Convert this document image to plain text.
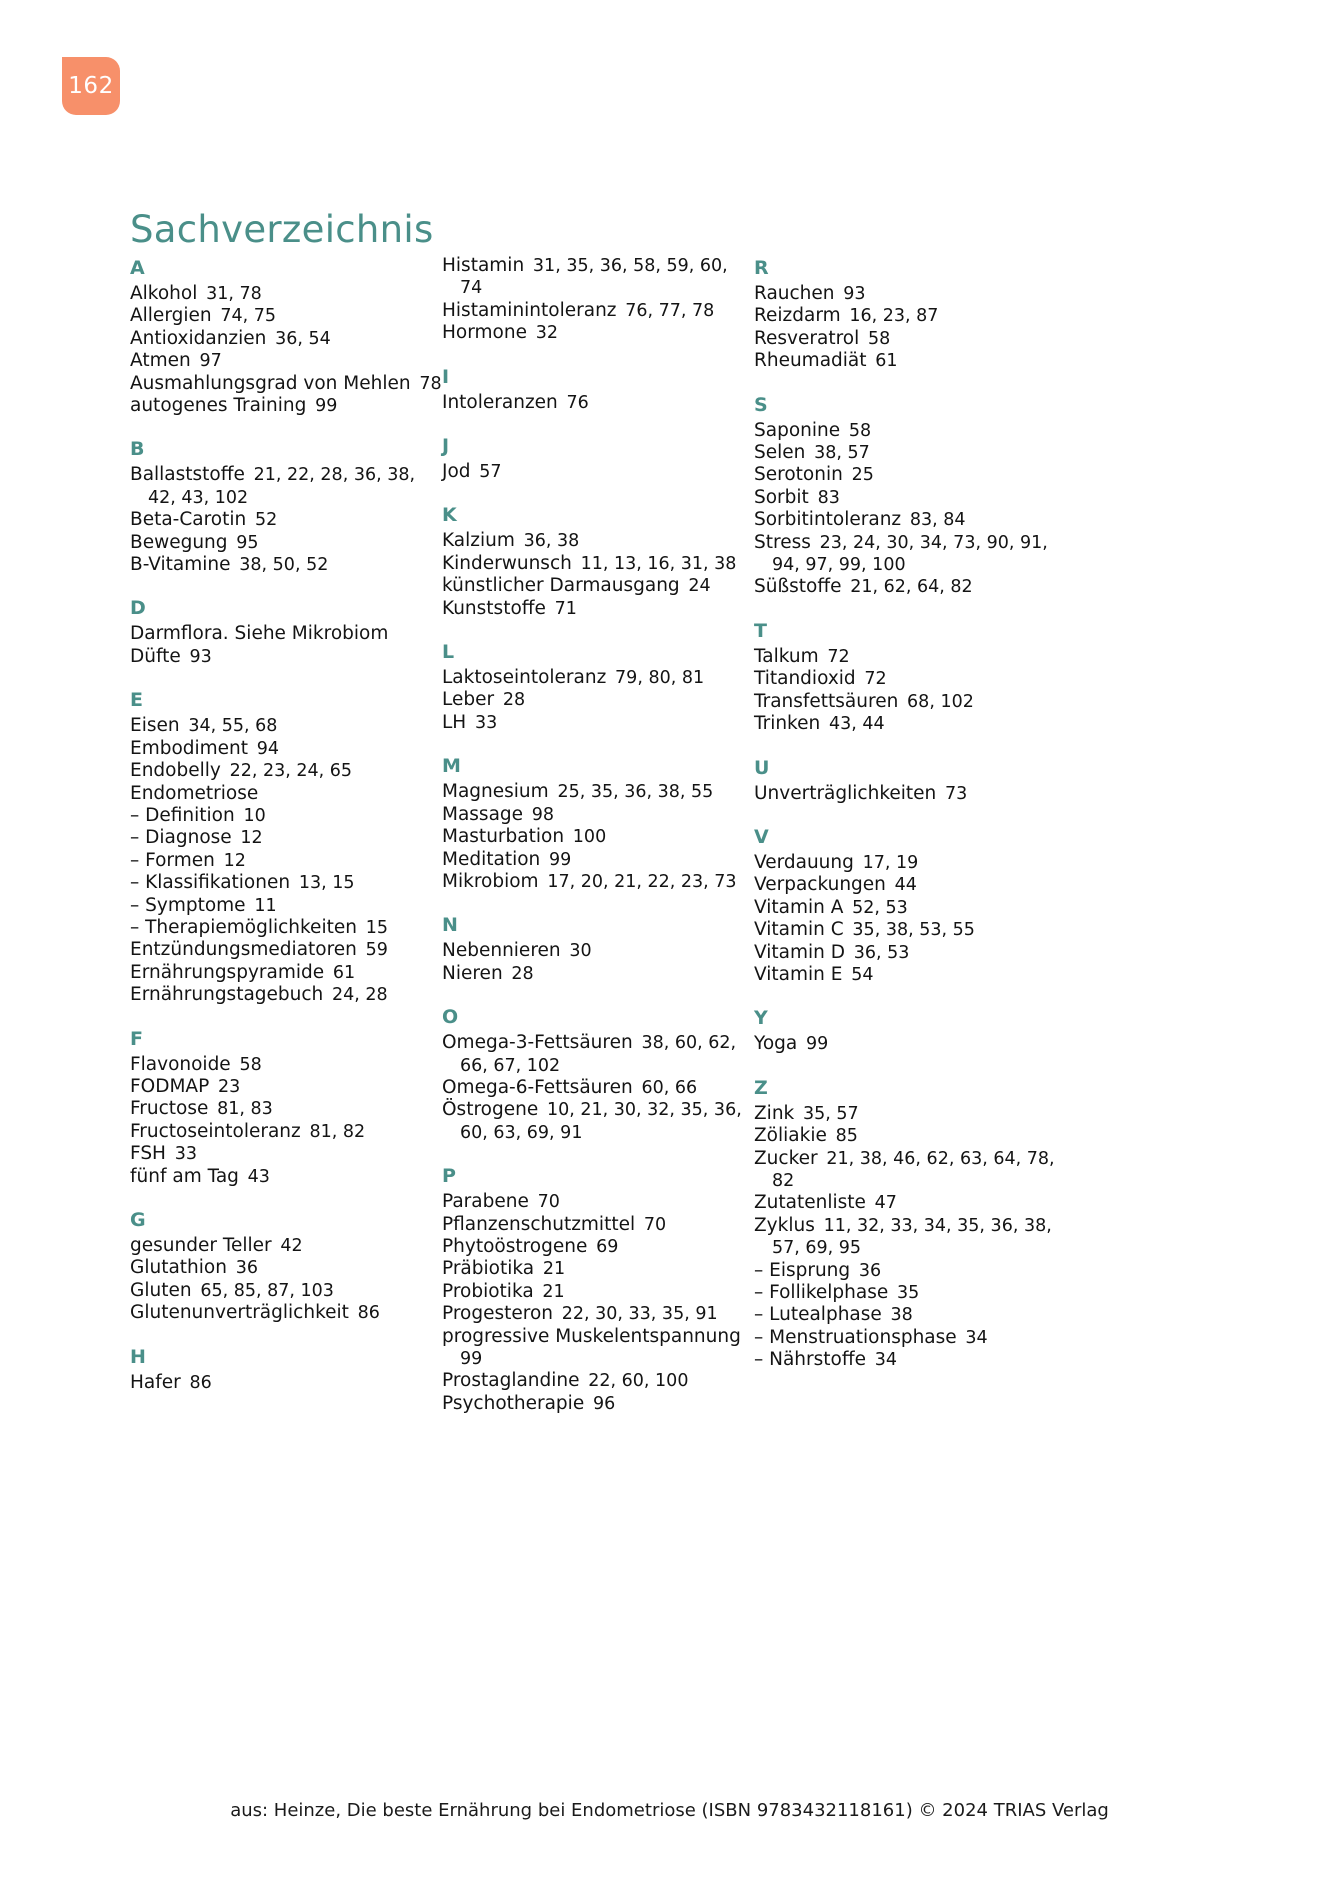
162
Sachverzeichnis
A
Alkohol 31, 78
Allergien 74, 75
Antioxidanzien 36, 54
Atmen 97
Ausmahlungsgrad von Mehlen 78
autogenes Training 99
B
Ballaststoffe 21, 22, 28, 36, 38, 42, 43, 102
Beta-Carotin 52
Bewegung 95
B-Vitamine 38, 50, 52
D
Darmflora. Siehe Mikrobiom
Düfte 93
E
Eisen 34, 55, 68
Embodiment 94
Endobelly 22, 23, 24, 65
Endometriose
– Definition 10
– Diagnose 12
– Formen 12
– Klassifikationen 13, 15
– Symptome 11
– Therapiemöglichkeiten 15
Entzündungsmediatoren 59
Ernährungspyramide 61
Ernährungstagebuch 24, 28
F
Flavonoide 58
FODMAP 23
Fructose 81, 83
Fructoseintoleranz 81, 82
FSH 33
fünf am Tag 43
G
gesunder Teller 42
Glutathion 36
Gluten 65, 85, 87, 103
Glutenunverträglichkeit 86
H
Hafer 86
Histamin 31, 35, 36, 58, 59, 60, 74
Histaminintoleranz 76, 77, 78
Hormone 32
I
Intoleranzen 76
J
Jod 57
K
Kalzium 36, 38
Kinderwunsch 11, 13, 16, 31, 38
künstlicher Darmausgang 24
Kunststoffe 71
L
Laktoseintoleranz 79, 80, 81
Leber 28
LH 33
M
Magnesium 25, 35, 36, 38, 55
Massage 98
Masturbation 100
Meditation 99
Mikrobiom 17, 20, 21, 22, 23, 73
N
Nebennieren 30
Nieren 28
O
Omega-3-Fettsäuren 38, 60, 62, 66, 67, 102
Omega-6-Fettsäuren 60, 66
Östrogene 10, 21, 30, 32, 35, 36, 60, 63, 69, 91
P
Parabene 70
Pflanzenschutzmittel 70
Phytoöstrogene 69
Präbiotika 21
Probiotika 21
Progesteron 22, 30, 33, 35, 91
progressive Muskelentspannung 99
Prostaglandine 22, 60, 100
Psychotherapie 96
R
Rauchen 93
Reizdarm 16, 23, 87
Resveratrol 58
Rheumadiät 61
S
Saponine 58
Selen 38, 57
Serotonin 25
Sorbit 83
Sorbitintoleranz 83, 84
Stress 23, 24, 30, 34, 73, 90, 91, 94, 97, 99, 100
Süßstoffe 21, 62, 64, 82
T
Talkum 72
Titandioxid 72
Transfettsäuren 68, 102
Trinken 43, 44
U
Unverträglichkeiten 73
V
Verdauung 17, 19
Verpackungen 44
Vitamin A 52, 53
Vitamin C 35, 38, 53, 55
Vitamin D 36, 53
Vitamin E 54
Y
Yoga 99
Z
Zink 35, 57
Zöliakie 85
Zucker 21, 38, 46, 62, 63, 64, 78, 82
Zutatenliste 47
Zyklus 11, 32, 33, 34, 35, 36, 38, 57, 69, 95
– Eisprung 36
– Follikelphase 35
– Lutealphase 38
– Menstruationsphase 34
– Nährstoffe 34
aus: Heinze, Die beste Ernährung bei Endometriose (ISBN 9783432118161) © 2024 TRIAS Verlag
